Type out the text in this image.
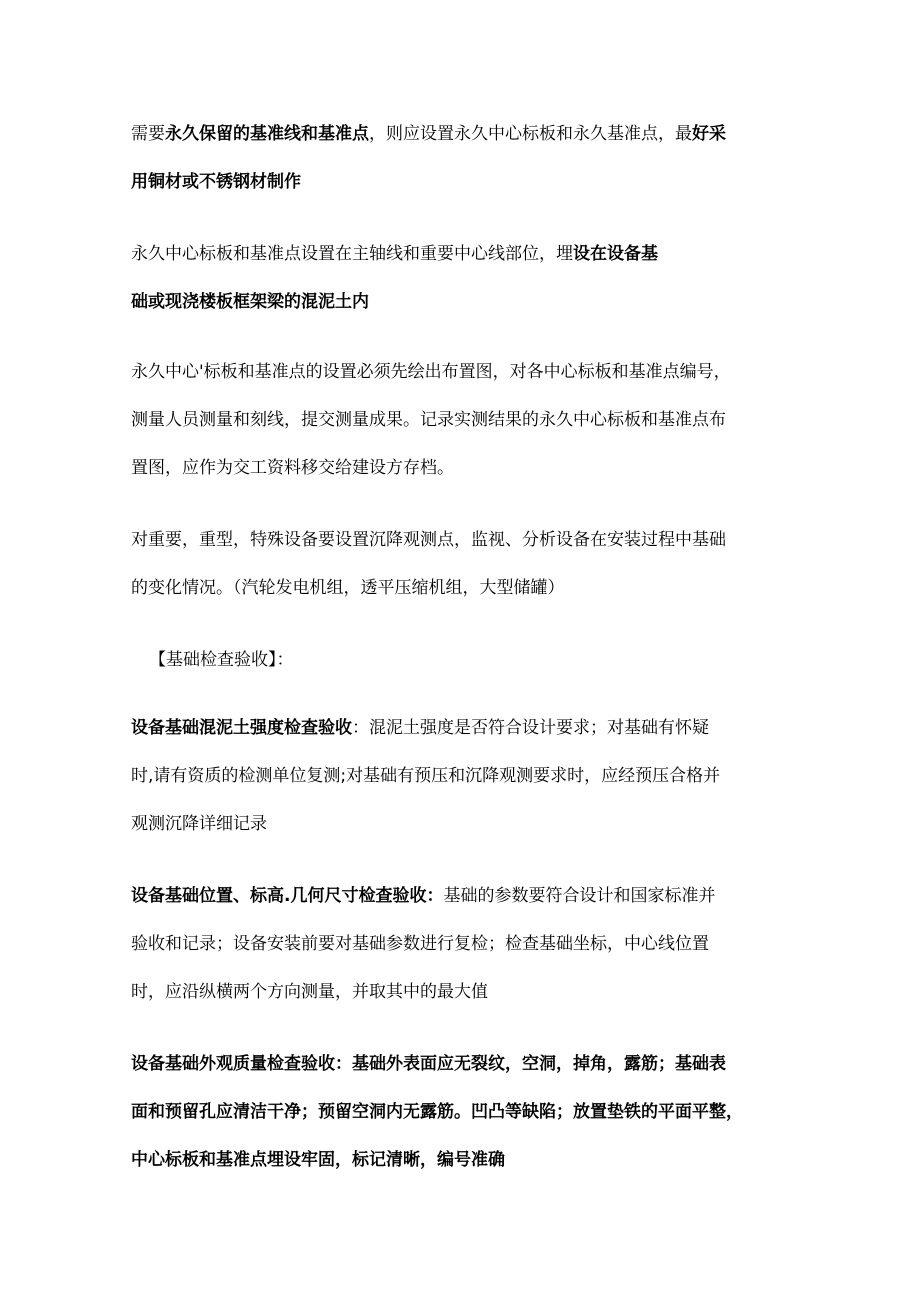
需要永久保留的基准线和基准点，则应设置永久中心标板和永久基准点，最好采
用铜材或不锈钢材制作
永久中心标板和基准点设置在主轴线和重要中心线部位，埋设在设备基
础或现浇楼板框架梁的混泥土内
永久中心'标板和基准点的设置必须先绘出布置图，对各中心标板和基准点编号，
测量人员测量和刻线，提交测量成果。记录实测结果的永久中心标板和基准点布
置图，应作为交工资料移交给建设方存档。
对重要，重型，特殊设备要设置沉降观测点，监视、分析设备在安装过程中基础
的变化情况。（汽轮发电机组，透平压缩机组，大型储罐）
【基础检查验收】：
设备基础混泥土强度检查验收：混泥土强度是否符合设计要求；对基础有怀疑
时,请有资质的检测单位复测;对基础有预压和沉降观测要求时，应经预压合格并
观测沉降详细记录
设备基础位置、标高.几何尺寸检查验收：基础的参数要符合设计和国家标准并
验收和记录；设备安装前要对基础参数进行复检；检查基础坐标，中心线位置
时，应沿纵横两个方向测量，并取其中的最大值
设备基础外观质量检查验收：基础外表面应无裂纹，空洞，掉角，露筋；基础表
面和预留孔应清洁干净；预留空洞内无露筋。凹凸等缺陷；放置垫铁的平面平整，
中心标板和基准点埋设牢固，标记清晰，编号准确
